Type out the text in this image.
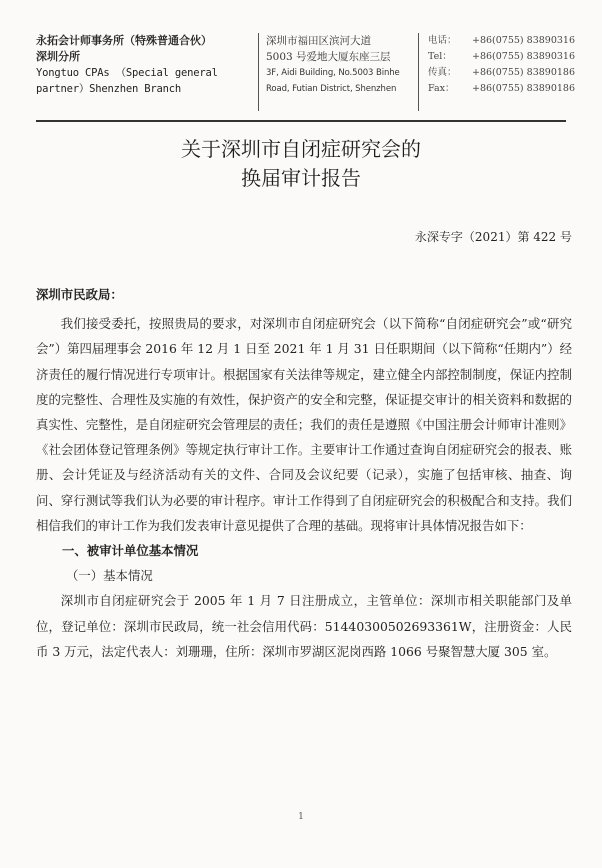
永拓会计师事务所（特殊普通合伙）
深圳分所
Yongtuo CPAs （Special general
partner）Shenzhen Branch
深圳市福田区滨河大道
5003 号爱地大厦东座三层
3F, Aidi Building, No.5003 Binhe
Road, Futian District, Shenzhen
电话：	+86(0755) 83890316
Tel：	+86(0755) 83890316
传真：	+86(0755) 83890186
Fax：	+86(0755) 83890186
关于深圳市自闭症研究会的
换届审计报告
永深专字（2021）第 422 号

深圳市民政局：

我们接受委托，按照贵局的要求，对深圳市自闭症研究会（以下简称“自闭症研究会”或“研究会”）第四届理事会 2016 年 12 月 1 日至 2021 年 1 月 31 日任职期间（以下简称“任期内”）经济责任的履行情况进行专项审计。根据国家有关法律等规定，建立健全内部控制制度，保证内控制度的完整性、合理性及实施的有效性，保护资产的安全和完整，保证提交审计的相关资料和数据的真实性、完整性，是自闭症研究会管理层的责任；我们的责任是遵照《中国注册会计师审计准则》《社会团体登记管理条例》等规定执行审计工作。主要审计工作通过查询自闭症研究会的报表、账册、会计凭证及与经济活动有关的文件、合同及会议纪要（记录），实施了包括审核、抽查、询问、穿行测试等我们认为必要的审计程序。审计工作得到了自闭症研究会的积极配合和支持。我们相信我们的审计工作为我们发表审计意见提供了合理的基础。现将审计具体情况报告如下：

一、被审计单位基本情况

（一）基本情况

深圳市自闭症研究会于 2005 年 1 月 7 日注册成立，主管单位：深圳市相关职能部门及单位，登记单位：深圳市民政局，统一社会信用代码：51440300502693361W，注册资金：人民币 3 万元，法定代表人：刘珊珊，住所：深圳市罗湖区泥岗西路 1066 号聚智慧大厦 305 室。

1
